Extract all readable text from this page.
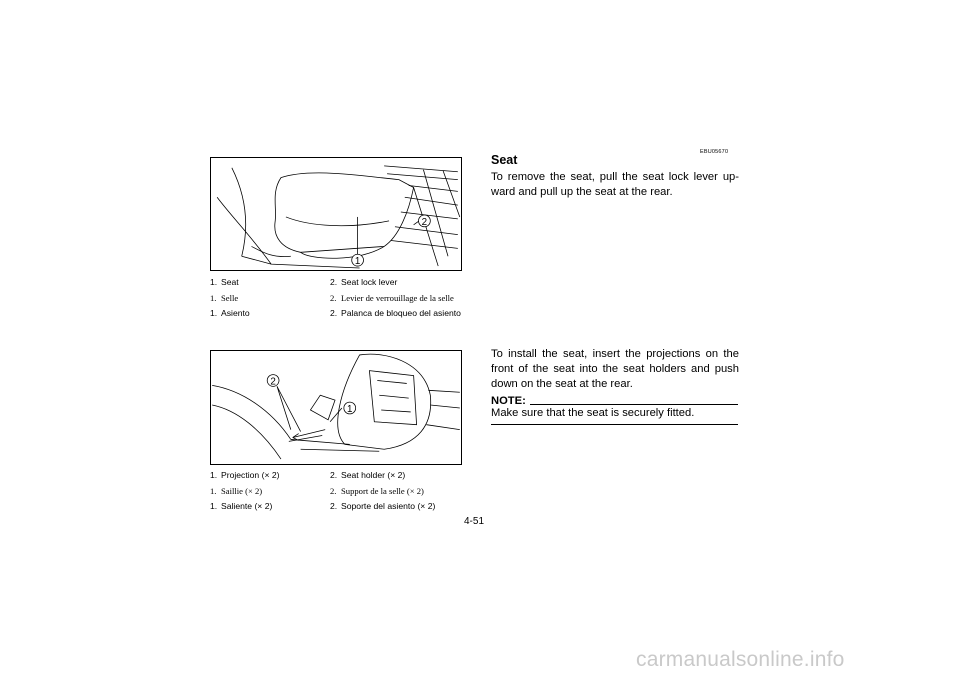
1
2
1. Seat	2. Seat lock lever
1. Selle	2. Levier de verrouillage de la selle
1. Asiento	2. Palanca de bloqueo del asiento
1
2
1. Projection (× 2)	2. Seat holder (× 2)
1. Saillie (× 2)	2. Support de la selle (× 2)
1. Saliente (× 2)	2. Soporte del asiento (× 2)
EBU05670
Seat

To remove the seat, pull the seat lock lever up-ward and pull up the seat at the rear.

To install the seat, insert the projections on the front of the seat into the seat holders and push down on the seat at the rear.

NOTE:
Make sure that the seat is securely fitted.
4-51
carmanualsonline.info
